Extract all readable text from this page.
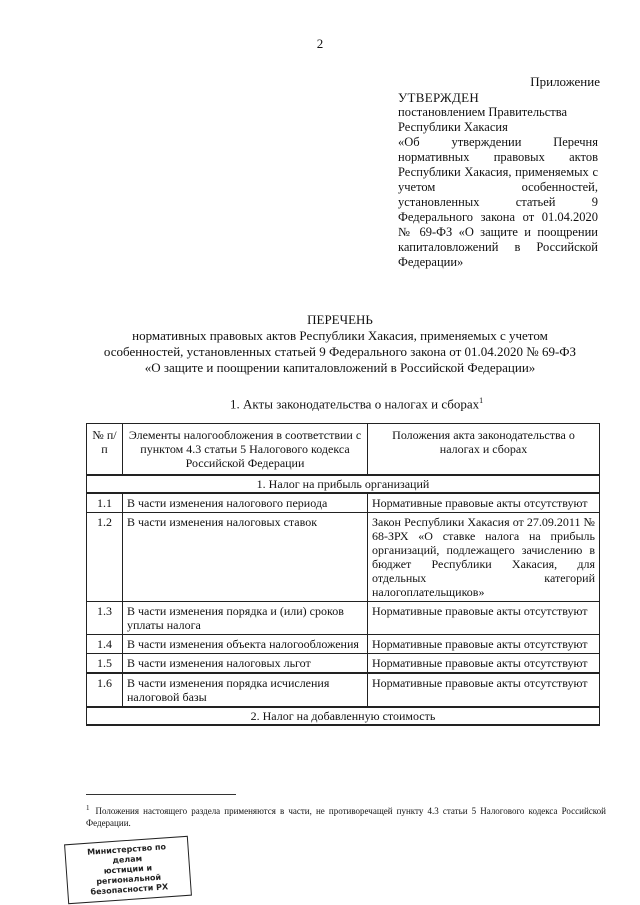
2
Приложение
УТВЕРЖДЕН
постановлением Правительства
Республики Хакасия
«Об утверждении Перечня нормативных правовых актов Республики Хакасия, применяемых с учетом особенностей, установленных статьей 9 Федерального закона от 01.04.2020 № 69-ФЗ «О защите и поощрении капиталовложений в Российской Федерации»
ПЕРЕЧЕНЬ
нормативных правовых актов Республики Хакасия, применяемых с учетом
особенностей, установленных статьей 9 Федерального закона от 01.04.2020 № 69-ФЗ
«О защите и поощрении капиталовложений в Российской Федерации»
1. Акты законодательства о налогах и сборах$^1$
№ п/п	Элементы налогообложения в соответствии с пунктом 4.3 статьи 5 Налогового кодекса Российской Федерации	Положения акта законодательства о налогах и сборах
1. Налог на прибыль организаций		
1.1	В части изменения налогового периода	Нормативные правовые акты отсутствуют
1.2	В части изменения налоговых ставок	Закон Республики Хакасия от 27.09.2011 № 68-ЗРХ «О ставке налога на прибыль организаций, подлежащего зачислению в бюджет Республики Хакасия, для отдельных категорий налогоплательщиков»
1.3	В части изменения порядка и (или) сроков уплаты налога	Нормативные правовые акты отсутствуют
1.4	В части изменения объекта налогообложения	Нормативные правовые акты отсутствуют
1.5	В части изменения налоговых льгот	Нормативные правовые акты отсутствуют
1.6	В части изменения порядка исчисления налоговой базы	Нормативные правовые акты отсутствуют
2. Налог на добавленную стоимость		
$^1$ Положения настоящего раздела применяются в части, не противоречащей пункту 4.3 статьи 5 Налогового кодекса Российской Федерации.
Министерство по делам
юстиции и региональной
безопасности РХ
